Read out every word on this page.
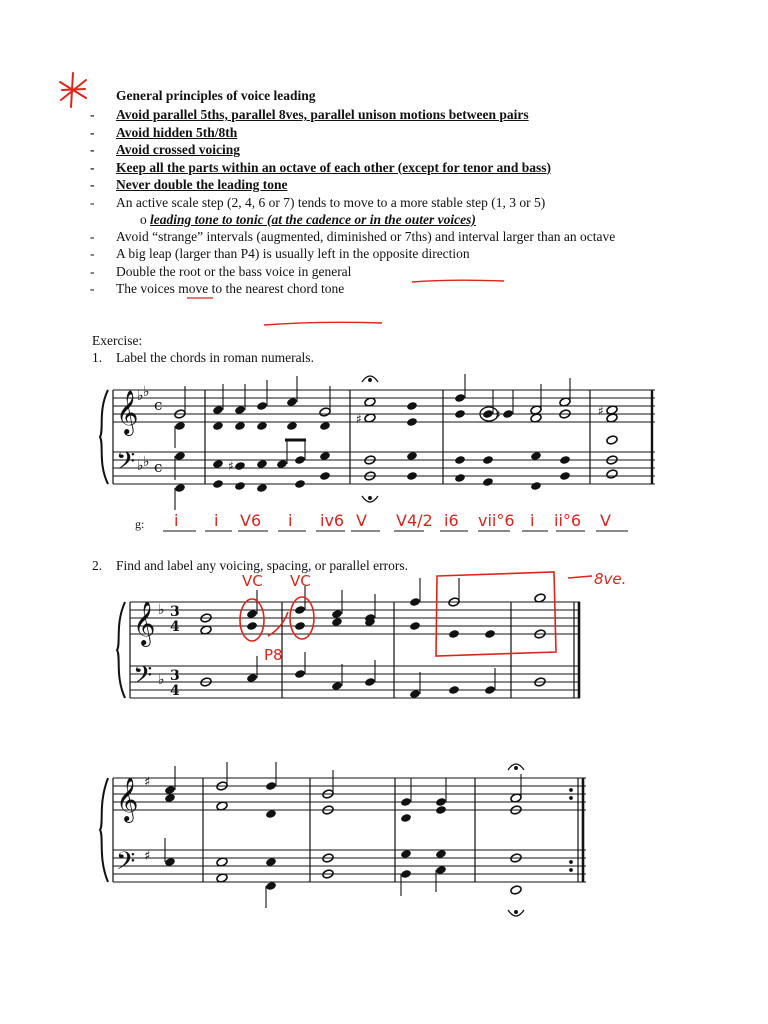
General principles of voice leading
- Avoid parallel 5ths, parallel 8ves, parallel unison motions between pairs
- Avoid hidden 5th/8th
- Avoid crossed voicing
- Keep all the parts within an octave of each other (except for tenor and bass)
- Never double the leading tone
- An active scale step (2, 4, 6 or 7) tends to move to a more stable step (1, 3 or 5)
o leading tone to tonic (at the cadence or in the outer voices)
- Avoid “strange” intervals (augmented, diminished or 7ths) and interval larger than an octave
- A big leap (larger than P4) is usually left in the opposite direction
- Double the root or the bass voice in general
- The voices move to the nearest chord tone
Exercise:
1. Label the chords in roman numerals.
2. Find and label any voicing, spacing, or parallel errors.
𝄞
𝄢
♭ ♭
♭ ♭
c
c	♯
♯	♯	♯
g: i i V6 i iv6 V V4/2 i6 vii°6 i ii°6 V
𝄞
𝄢
♭
♭
3
4
3
4
VC VC
P8
8ve.
𝄞
𝄢
♯
♯
